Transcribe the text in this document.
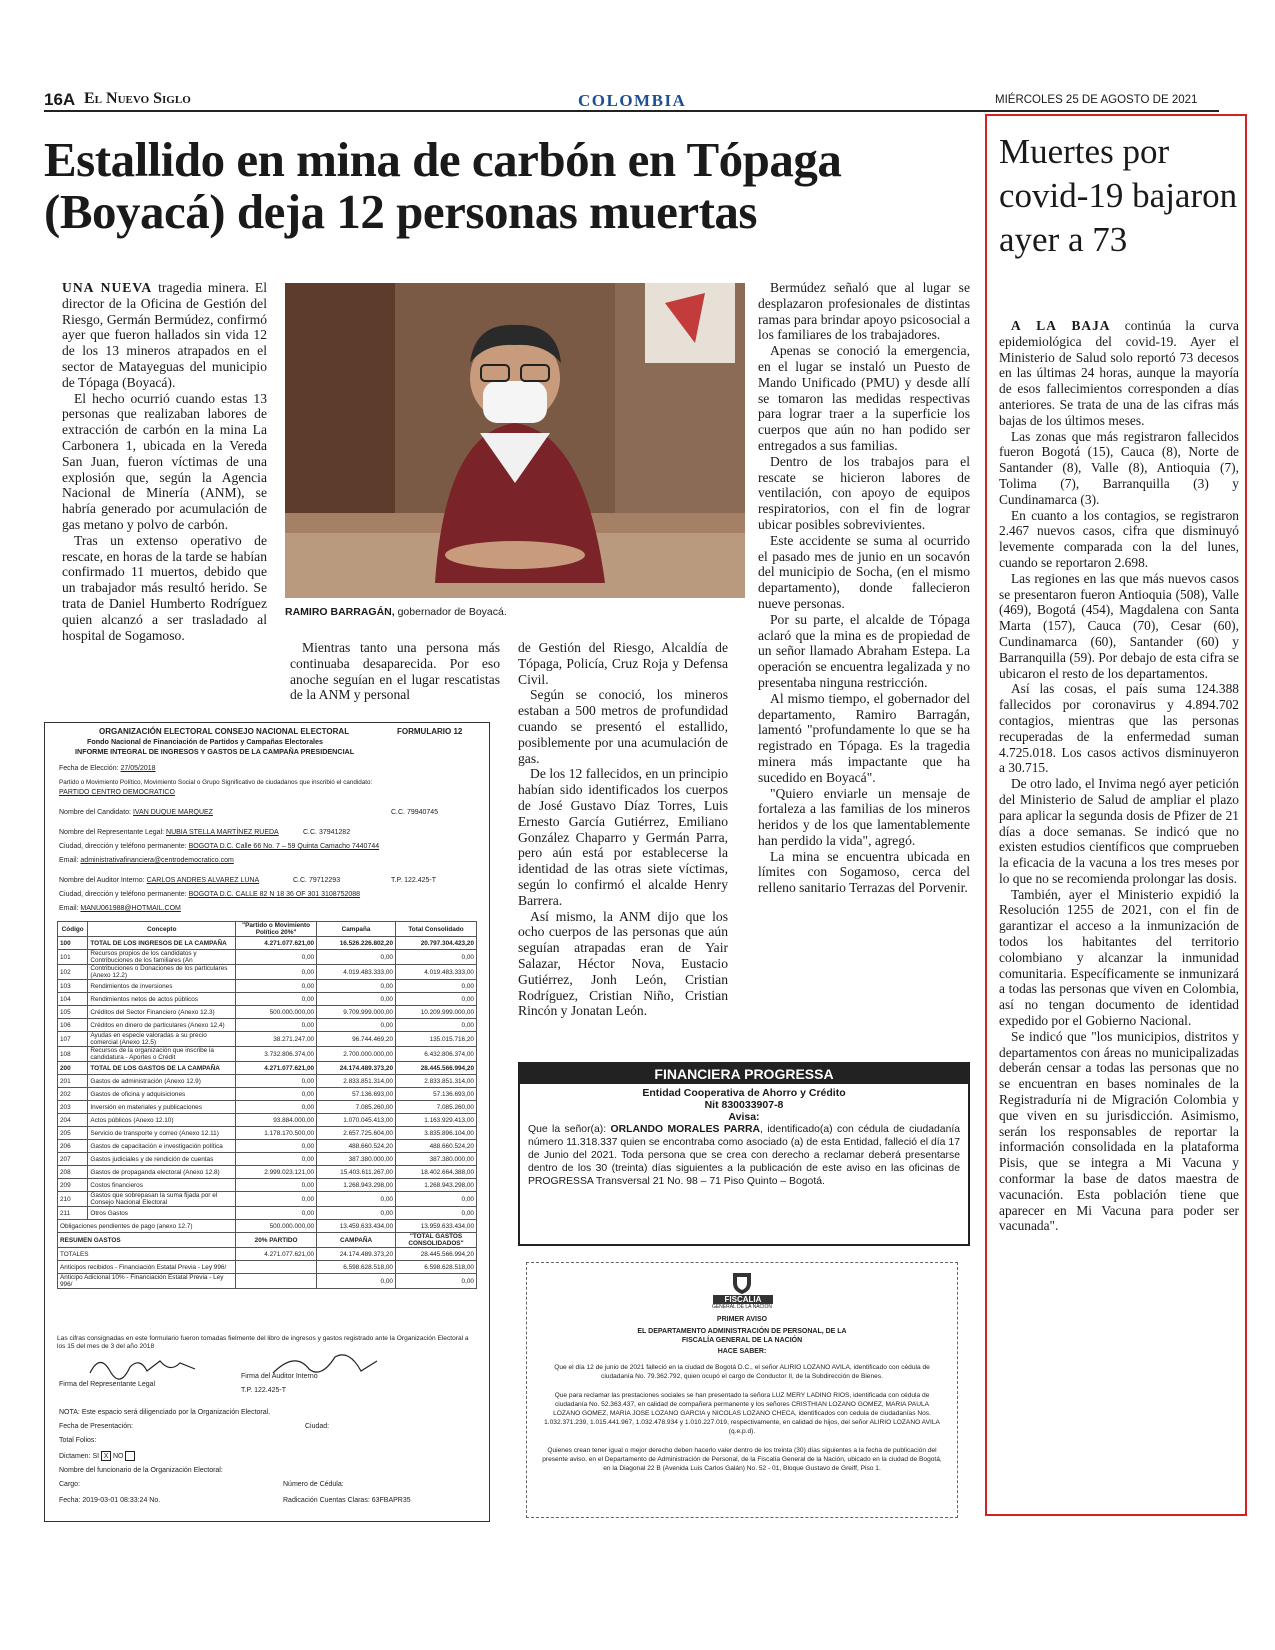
16A El Nuevo Siglo	COLOMBIA	MIÉRCOLES 25 DE AGOSTO DE 2021
Estallido en mina de carbón en Tópaga (Boyacá) deja 12 personas muertas

UNA NUEVA tragedia minera. El director de la Oficina de Gestión del Riesgo, Germán Bermúdez, confirmó ayer que fueron hallados sin vida 12 de los 13 mineros atrapados en el sector de Matayeguas del municipio de Tópaga (Boyacá).

El hecho ocurrió cuando estas 13 personas que realizaban labores de extracción de carbón en la mina La Carbonera 1, ubicada en la Vereda San Juan, fueron víctimas de una explosión que, según la Agencia Nacional de Minería (ANM), se habría generado por acumulación de gas metano y polvo de carbón.

Tras un extenso operativo de rescate, en horas de la tarde se habían confirmado 11 muertos, debido que un trabajador más resultó herido. Se trata de Daniel Humberto Rodríguez quien alcanzó a ser trasladado al hospital de Sogamoso.

RAMIRO BARRAGÁN, gobernador de Boyacá.

Mientras tanto una persona más continuaba desaparecida. Por eso anoche seguían en el lugar rescatistas de la ANM y personal

de Gestión del Riesgo, Alcaldía de Tópaga, Policía, Cruz Roja y Defensa Civil.

Según se conoció, los mineros estaban a 500 metros de profundidad cuando se presentó el estallido, posiblemente por una acumulación de gas.

De los 12 fallecidos, en un principio habían sido identificados los cuerpos de José Gustavo Díaz Torres, Luis Ernesto García Gutiérrez, Emiliano González Chaparro y Germán Parra, pero aún está por establecerse la identidad de las otras siete víctimas, según lo confirmó el alcalde Henry Barrera.

Así mismo, la ANM dijo que los ocho cuerpos de las personas que aún seguían atrapadas eran de Yair Salazar, Héctor Nova, Eustacio Gutiérrez, Jonh León, Cristian Rodríguez, Cristian Niño, Cristian Rincón y Jonatan León.

Bermúdez señaló que al lugar se desplazaron profesionales de distintas ramas para brindar apoyo psicosocial a los familiares de los trabajadores.

Apenas se conoció la emergencia, en el lugar se instaló un Puesto de Mando Unificado (PMU) y desde allí se tomaron las medidas respectivas para lograr traer a la superficie los cuerpos que aún no han podido ser entregados a sus familias.

Dentro de los trabajos para el rescate se hicieron labores de ventilación, con apoyo de equipos respiratorios, con el fin de lograr ubicar posibles sobrevivientes.

Este accidente se suma al ocurrido el pasado mes de junio en un socavón del municipio de Socha, (en el mismo departamento), donde fallecieron nueve personas.

Por su parte, el alcalde de Tópaga aclaró que la mina es de propiedad de un señor llamado Abraham Estepa. La operación se encuentra legalizada y no presentaba ninguna restricción.

Al mismo tiempo, el gobernador del departamento, Ramiro Barragán, lamentó "profundamente lo que se ha registrado en Tópaga. Es la tragedia minera más impactante que ha sucedido en Boyacá".

"Quiero enviarle un mensaje de fortaleza a las familias de los mineros heridos y de los que lamentablemente han perdido la vida", agregó.

La mina se encuentra ubicada en límites con Sogamoso, cerca del relleno sanitario Terrazas del Porvenir.

Muertes por covid-19 bajaron ayer a 73

A LA BAJA continúa la curva epidemiológica del covid-19. Ayer el Ministerio de Salud solo reportó 73 decesos en las últimas 24 horas, aunque la mayoría de esos fallecimientos corresponden a días anteriores. Se trata de una de las cifras más bajas de los últimos meses.

Las zonas que más registraron fallecidos fueron Bogotá (15), Cauca (8), Norte de Santander (8), Valle (8), Antioquia (7), Tolima (7), Barranquilla (3) y Cundinamarca (3).

En cuanto a los contagios, se registraron 2.467 nuevos casos, cifra que disminuyó levemente comparada con la del lunes, cuando se reportaron 2.698.

Las regiones en las que más nuevos casos se presentaron fueron Antioquia (508), Valle (469), Bogotá (454), Magdalena con Santa Marta (157), Cauca (70), Cesar (60), Cundinamarca (60), Santander (60) y Barranquilla (59). Por debajo de esta cifra se ubicaron el resto de los departamentos.

Así las cosas, el país suma 124.388 fallecidos por coronavirus y 4.894.702 contagios, mientras que las personas recuperadas de la enfermedad suman 4.725.018. Los casos activos disminuyeron a 30.715.

De otro lado, el Invima negó ayer petición del Ministerio de Salud de ampliar el plazo para aplicar la segunda dosis de Pfizer de 21 días a doce semanas. Se indicó que no existen estudios científicos que comprueben la eficacia de la vacuna a los tres meses por lo que no se recomienda prolongar las dosis.

También, ayer el Ministerio expidió la Resolución 1255 de 2021, con el fin de garantizar el acceso a la inmunización de todos los habitantes del territorio colombiano y alcanzar la inmunidad comunitaria. Específicamente se inmunizará a todas las personas que viven en Colombia, así no tengan documento de identidad expedido por el Gobierno Nacional.

Se indicó que "los municipios, distritos y departamentos con áreas no municipalizadas deberán censar a todas las personas que no se encuentran en bases nominales de la Registraduría ni de Migración Colombia y que viven en su jurisdicción. Asimismo, serán los responsables de reportar la información consolidada en la plataforma Pisis, que se integra a Mi Vacuna y conformar la base de datos maestra de vacunación. Esta población tiene que aparecer en Mi Vacuna para poder ser vacunada".

ORGANIZACIÓN ELECTORAL CONSEJO NACIONAL ELECTORAL	FORMULARIO 12
Fondo Nacional de Financiación de Partidos y Campañas Electorales
INFORME INTEGRAL DE INGRESOS Y GASTOS DE LA CAMPAÑA PRESIDENCIAL
Fecha de Elección: 27/05/2018
Partido o Movimiento Político, Movimiento Social o Grupo Significativo de ciudadanos que inscribió el candidato:
PARTIDO CENTRO DEMOCRATICO
Nombre del Candidato: IVAN DUQUE MARQUEZ	C.C. 79940745
Nombre del Representante Legal: NUBIA STELLA MARTÍNEZ RUEDA	C.C. 37941282
Ciudad, dirección y teléfono permanente: BOGOTA D.C. Calle 66 No. 7 – 59 Quinta Camacho 7440744
Email: administrativafinanciera@centrodemocratico.com
Nombre del Auditor Interno: CARLOS ANDRES ALVAREZ LUNA	C.C. 79712293	T.P. 122.425-T
Ciudad, dirección y teléfono permanente: BOGOTA D.C. CALLE 82 N 18 36 OF 301 3108752088
Email: MANU061988@HOTMAIL.COM
Código	Concepto	"Partido o Movimiento Político 20%"	Campaña	Total Consolidado
100	TOTAL DE LOS INGRESOS DE LA CAMPAÑA	4.271.077.621,00	16.526.226.802,20	20.797.304.423,20
101	Recursos propios de los candidatos y Contribuciones de los familiares (An	0,00	0,00	0,00
102	Contribuciones o Donaciones de los particulares (Anexo 12.2)	0,00	4.019.483.333,00	4.019.483.333,00
103	Rendimientos de inversiones	0,00	0,00	0,00
104	Rendimientos netos de actos públicos	0,00	0,00	0,00
105	Créditos del Sector Financiero (Anexo 12.3)	500.000.000,00	9.709.999.000,00	10.209.999.000,00
106	Créditos en dinero de particulares (Anexo 12.4)	0,00	0,00	0,00
107	Ayudas en especie valoradas a su precio comercial (Anexo 12.5)	38.271.247,00	96.744.469,20	135.015.716,20
108	Recursos de la organización que inscribe la candidatura - Aportes o Crédit	3.732.806.374,00	2.700.000.000,00	6.432.806.374,00
200	TOTAL DE LOS GASTOS DE LA CAMPAÑA	4.271.077.621,00	24.174.489.373,20	28.445.566.994,20
201	Gastos de administración (Anexo 12.9)	0,00	2.833.851.314,00	2.833.851.314,00
202	Gastos de oficina y adquisiciones	0,00	57.136.693,00	57.136.693,00
203	Inversión en materiales y publicaciones	0,00	7.085.260,00	7.085.260,00
204	Actos públicos (Anexo 12.10)	93.884.000,00	1.070.045.413,00	1.163.929.413,00
205	Servicio de transporte y correo (Anexo 12.11)	1.178.170.500,00	2.657.725.604,00	3.835.896.104,00
206	Gastos de capacitación e investigación política	0,00	488.660.524,20	488.660.524,20
207	Gastos judiciales y de rendición de cuentas	0,00	387.380.000,00	387.380.000,00
208	Gastos de propaganda electoral (Anexo 12.8)	2.999.023.121,00	15.403.611.267,00	18.402.664.388,00
209	Costos financieros	0,00	1.268.943.298,00	1.268.943.298,00
210	Gastos que sobrepasan la suma fijada por el Consejo Nacional Electoral	0,00	0,00	0,00
211	Otros Gastos	0,00	0,00	0,00
Obligaciones pendientes de pago (anexo 12.7)		500.000.000,00	13.459.633.434,00	13.959.633.434,00
RESUMEN GASTOS		20% PARTIDO	CAMPAÑA	"TOTAL GASTOS CONSOLIDADOS"
TOTALES		4.271.077.621,00	24.174.489.373,20	28.445.566.994,20
Anticipos recibidos - Financiación Estatal Previa - Ley 996/			6.598.628.518,00	6.598.628.518,00
Anticipo Adicional 10% - Financiación Estatal Previa - Ley 996/			0,00	0,00
Las cifras consignadas en este formulario fueron tomadas fielmente del libro de ingresos y gastos registrado ante la Organización Electoral a los 15 del mes de 3 del año 2018
Firma del Representante Legal
Firma del Auditor Interno
T.P. 122.425-T
NOTA: Este espacio será diligenciado por la Organización Electoral.
Fecha de Presentación:	Ciudad:
Total Folios:
Dictamen: SI X NO
Nombre del funcionario de la Organización Electoral:
Cargo:	Número de Cédula:
Fecha: 2019-03-01 08:33:24 No.	Radicación Cuentas Claras: 63FBAPR35
FINANCIERA PROGRESSA
Entidad Cooperativa de Ahorro y Crédito
Nit 830033907-8
Avisa:
Que la señor(a): ORLANDO MORALES PARRA, identificado(a) con cédula de ciudadanía número 11.318.337 quien se encontraba como asociado (a) de esta Entidad, falleció el día 17 de Junio del 2021. Toda persona que se crea con derecho a reclamar deberá presentarse dentro de los 30 (treinta) días siguientes a la publicación de este aviso en las oficinas de PROGRESSA Transversal 21 No. 98 – 71 Piso Quinto – Bogotá.
FISCALIA
GENERAL DE LA NACION
PRIMER AVISO
EL DEPARTAMENTO ADMINISTRACIÓN DE PERSONAL, DE LA FISCALÍA GENERAL DE LA NACIÓN
HACE SABER:
Que el día 12 de junio de 2021 falleció en la ciudad de Bogotá D.C., el señor ALIRIO LOZANO AVILA, identificado con cédula de ciudadanía No. 79.362.792, quien ocupó el cargo de Conductor II, de la Subdirección de Bienes.
Que para reclamar las prestaciones sociales se han presentado la señora LUZ MERY LADINO RIOS, identificada con cédula de ciudadanía No. 52.363.437, en calidad de compañera permanente y los señores CRISTHIAN LOZANO GOMEZ, MARIA PAULA LOZANO GOMEZ, MARIA JOSE LOZANO GARCIA y NICOLAS LOZANO CHECA, identificados con cedula de ciudadanías Nos. 1.032.371.239, 1.015.441.967, 1.032.478.934 y 1.010.227.019, respectivamente, en calidad de hijos, del señor ALIRIO LOZANO AVILA (q.e.p.d).
Quienes crean tener igual o mejor derecho deben hacerlo valer dentro de los treinta (30) días siguientes a la fecha de publicación del presente aviso, en el Departamento de Administración de Personal, de la Fiscalía General de la Nación, ubicado en la ciudad de Bogotá, en la Diagonal 22 B (Avenida Luis Carlos Galán) No. 52 - 01, Bloque Gustavo de Greiff, Piso 1.
